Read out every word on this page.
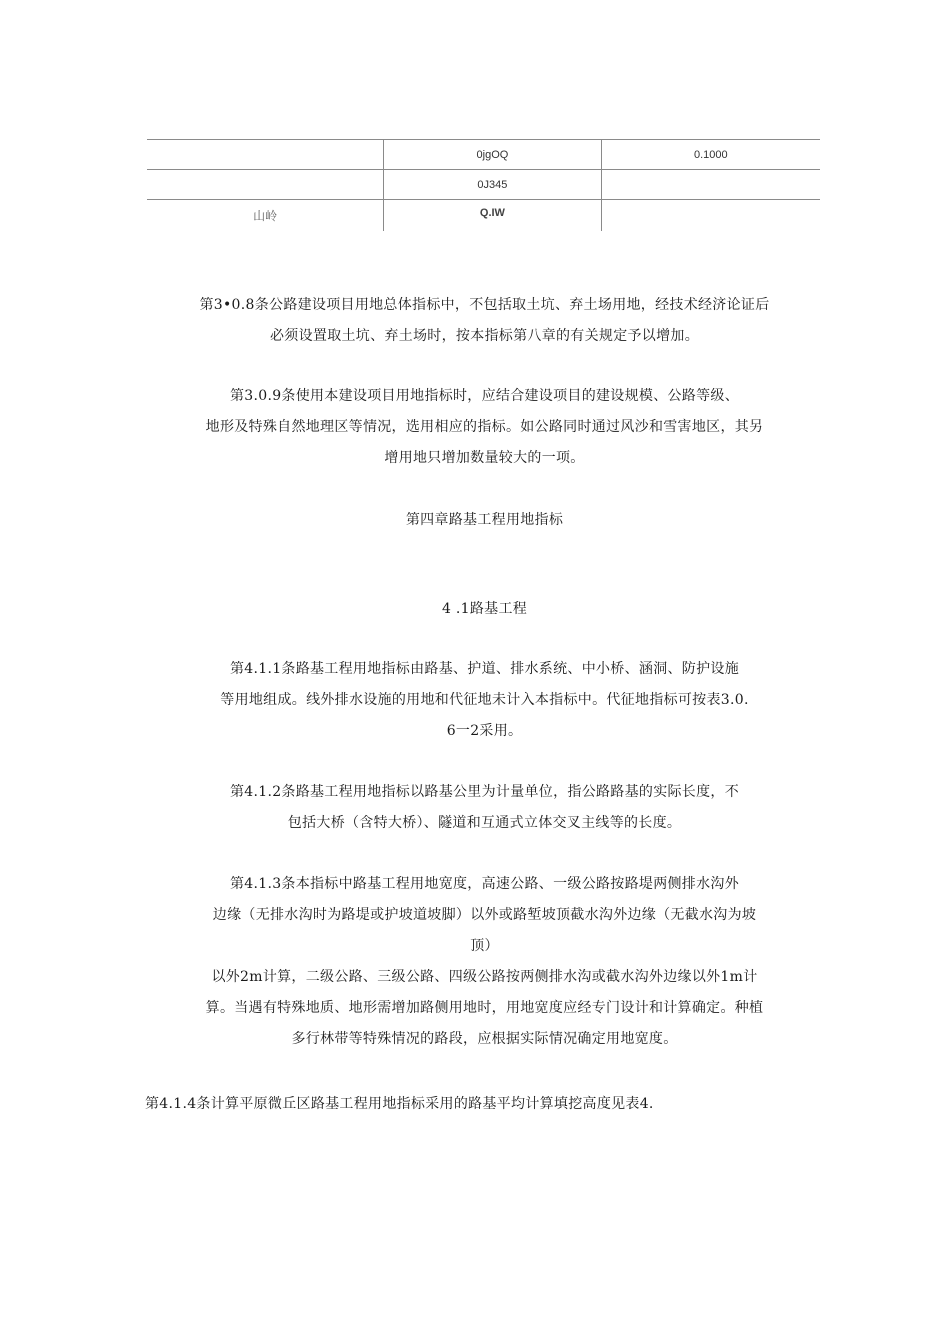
	0jgOQ	0.1000
	0J345	
山岭	Q.IW	
第3•0.8条公路建设项目用地总体指标中，不包括取土坑、弃土场用地，经技术经济论证后
必须设置取土坑、弃土场时，按本指标第八章的有关规定予以增加。
第3.0.9条使用本建设项目用地指标时，应结合建设项目的建设规模、公路等级、
地形及特殊自然地理区等情况，选用相应的指标。如公路同时通过风沙和雪害地区，其另
增用地只增加数量较大的一项。
第四章路基工程用地指标
4 .1路基工程
第4.1.1条路基工程用地指标由路基、护道、排水系统、中小桥、涵洞、防护设施
等用地组成。线外排水设施的用地和代征地未计入本指标中。代征地指标可按表3.0.
6一2采用。
第4.1.2条路基工程用地指标以路基公里为计量单位，指公路路基的实际长度，不
包括大桥（含特大桥）、隧道和互通式立体交叉主线等的长度。
第4.1.3条本指标中路基工程用地宽度，高速公路、一级公路按路堤两侧排水沟外
边缘（无排水沟时为路堤或护坡道坡脚）以外或路堑坡顶截水沟外边缘（无截水沟为坡
顶）
以外2m计算，二级公路、三级公路、四级公路按两侧排水沟或截水沟外边缘以外1m计
算。当遇有特殊地质、地形需增加路侧用地时，用地宽度应经专门设计和计算确定。种植
多行林带等特殊情况的路段，应根据实际情况确定用地宽度。
第4.1.4条计算平原微丘区路基工程用地指标采用的路基平均计算填挖高度见表4.
